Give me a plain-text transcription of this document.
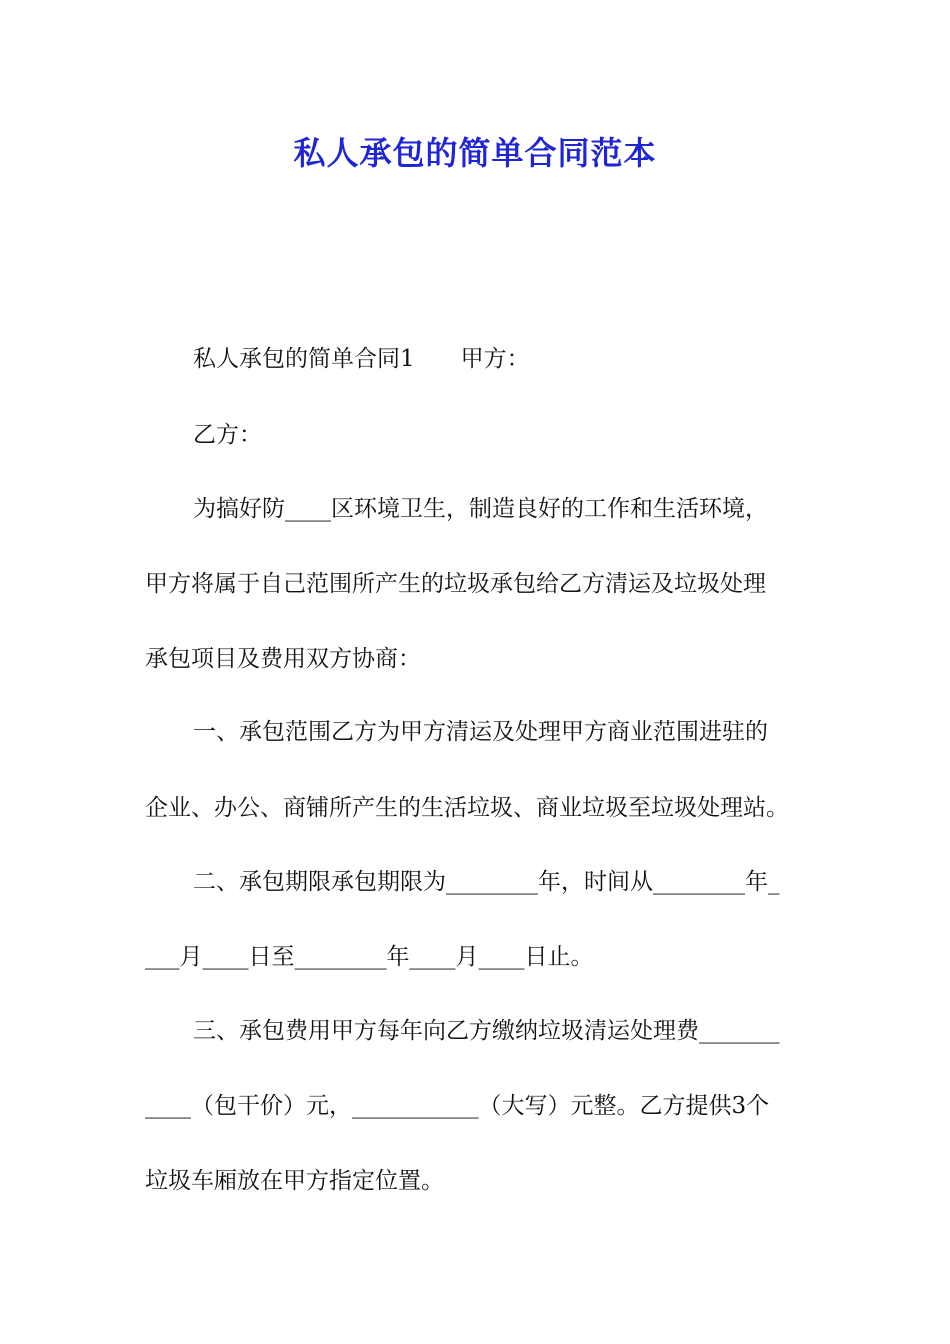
私人承包的简单合同范本
私人承包的简单合同1　　甲方：
乙方：
为搞好防____区环境卫生，制造良好的工作和生活环境，
甲方将属于自己范围所产生的垃圾承包给乙方清运及垃圾处理
承包项目及费用双方协商：
一、承包范围乙方为甲方清运及处理甲方商业范围进驻的
企业、办公、商铺所产生的生活垃圾、商业垃圾至垃圾处理站。
二、承包期限承包期限为________年，时间从________年_
___月____日至________年____月____日止。
三、承包费用甲方每年向乙方缴纳垃圾清运处理费_______
____（包干价）元，___________（大写）元整。乙方提供3个
垃圾车厢放在甲方指定位置。
